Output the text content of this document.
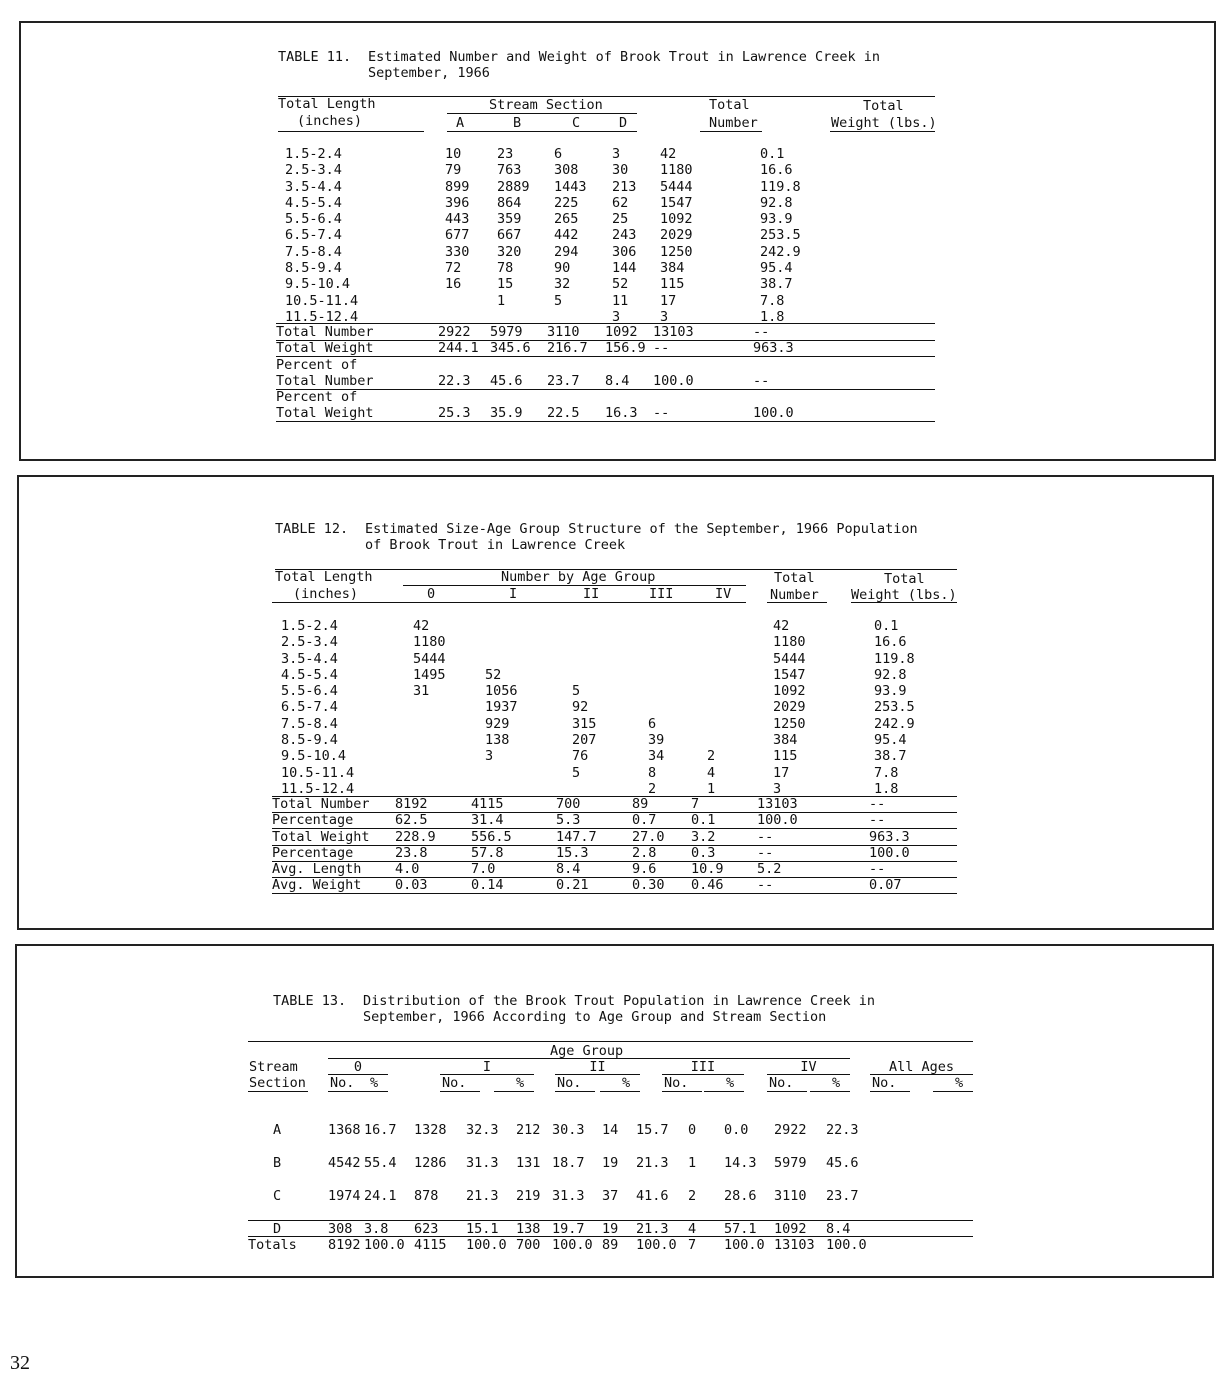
TABLE 11. Estimated Number and Weight of Brook Trout in Lawrence Creek in
September, 1966
Total Length
(inches)
Stream Section
A	B	C	D
Total
Number
Total
Weight (lbs.)
1.5-2.4	10	23	6	3	42	0.1
2.5-3.4	79	763	308	30	1180	16.6
3.5-4.4	899	2889	1443	213	5444	119.8
4.5-5.4	396	864	225	62	1547	92.8
5.5-6.4	443	359	265	25	1092	93.9
6.5-7.4	677	667	442	243	2029	253.5
7.5-8.4	330	320	294	306	1250	242.9
8.5-9.4	72	78	90	144	384	95.4
9.5-10.4	16	15	32	52	115	38.7
10.5-11.4		1	5	11	17	7.8
11.5-12.4				3	3	1.8
Total Number	2922	5979	3110	1092	13103	--
Total Weight	244.1	345.6	216.7	156.9	--	963.3
Percent of						
Total Number	22.3	45.6	23.7	8.4	100.0	--
Percent of						
Total Weight	25.3	35.9	22.5	16.3	--	100.0
TABLE 12. Estimated Size-Age Group Structure of the September, 1966 Population
of Brook Trout in Lawrence Creek
Total Length
(inches)
Number by Age Group
0	I	II	III	IV
Total
Number
Total
Weight (lbs.)
1.5-2.4	42					42	0.1
2.5-3.4	1180					1180	16.6
3.5-4.4	5444					5444	119.8
4.5-5.4	1495	52				1547	92.8
5.5-6.4	31	1056	5			1092	93.9
6.5-7.4		1937	92			2029	253.5
7.5-8.4		929	315	6		1250	242.9
8.5-9.4		138	207	39		384	95.4
9.5-10.4		3	76	34	2	115	38.7
10.5-11.4			5	8	4	17	7.8
11.5-12.4				2	1	3	1.8
Total Number	8192	4115	700	89	7	13103	--
Percentage	62.5	31.4	5.3	0.7	0.1	100.0	--
Total Weight	228.9	556.5	147.7	27.0	3.2	--	963.3
Percentage	23.8	57.8	15.3	2.8	0.3	--	100.0
Avg. Length	4.0	7.0	8.4	9.6	10.9	5.2	--
Avg. Weight	0.03	0.14	0.21	0.30	0.46	--	0.07
TABLE 13. Distribution of the Brook Trout Population in Lawrence Creek in
September, 1966 According to Age Group and Stream Section
Age Group
Stream
Section
0
No. %
I
No.	%
II
No.	%
III
No.	%
IV
No.	%
All Ages
No.	%
A	1368	16.7	1328	32.3	212	30.3	14	15.7	0	0.0	2922	22.3
B	4542	55.4	1286	31.3	131	18.7	19	21.3	1	14.3	5979	45.6
C	1974	24.1	878	21.3	219	31.3	37	41.6	2	28.6	3110	23.7
D	308	3.8	623	15.1	138	19.7	19	21.3	4	57.1	1092	8.4
Totals	8192	100.0	4115	100.0	700	100.0	89	100.0	7	100.0	13103	100.0
32
